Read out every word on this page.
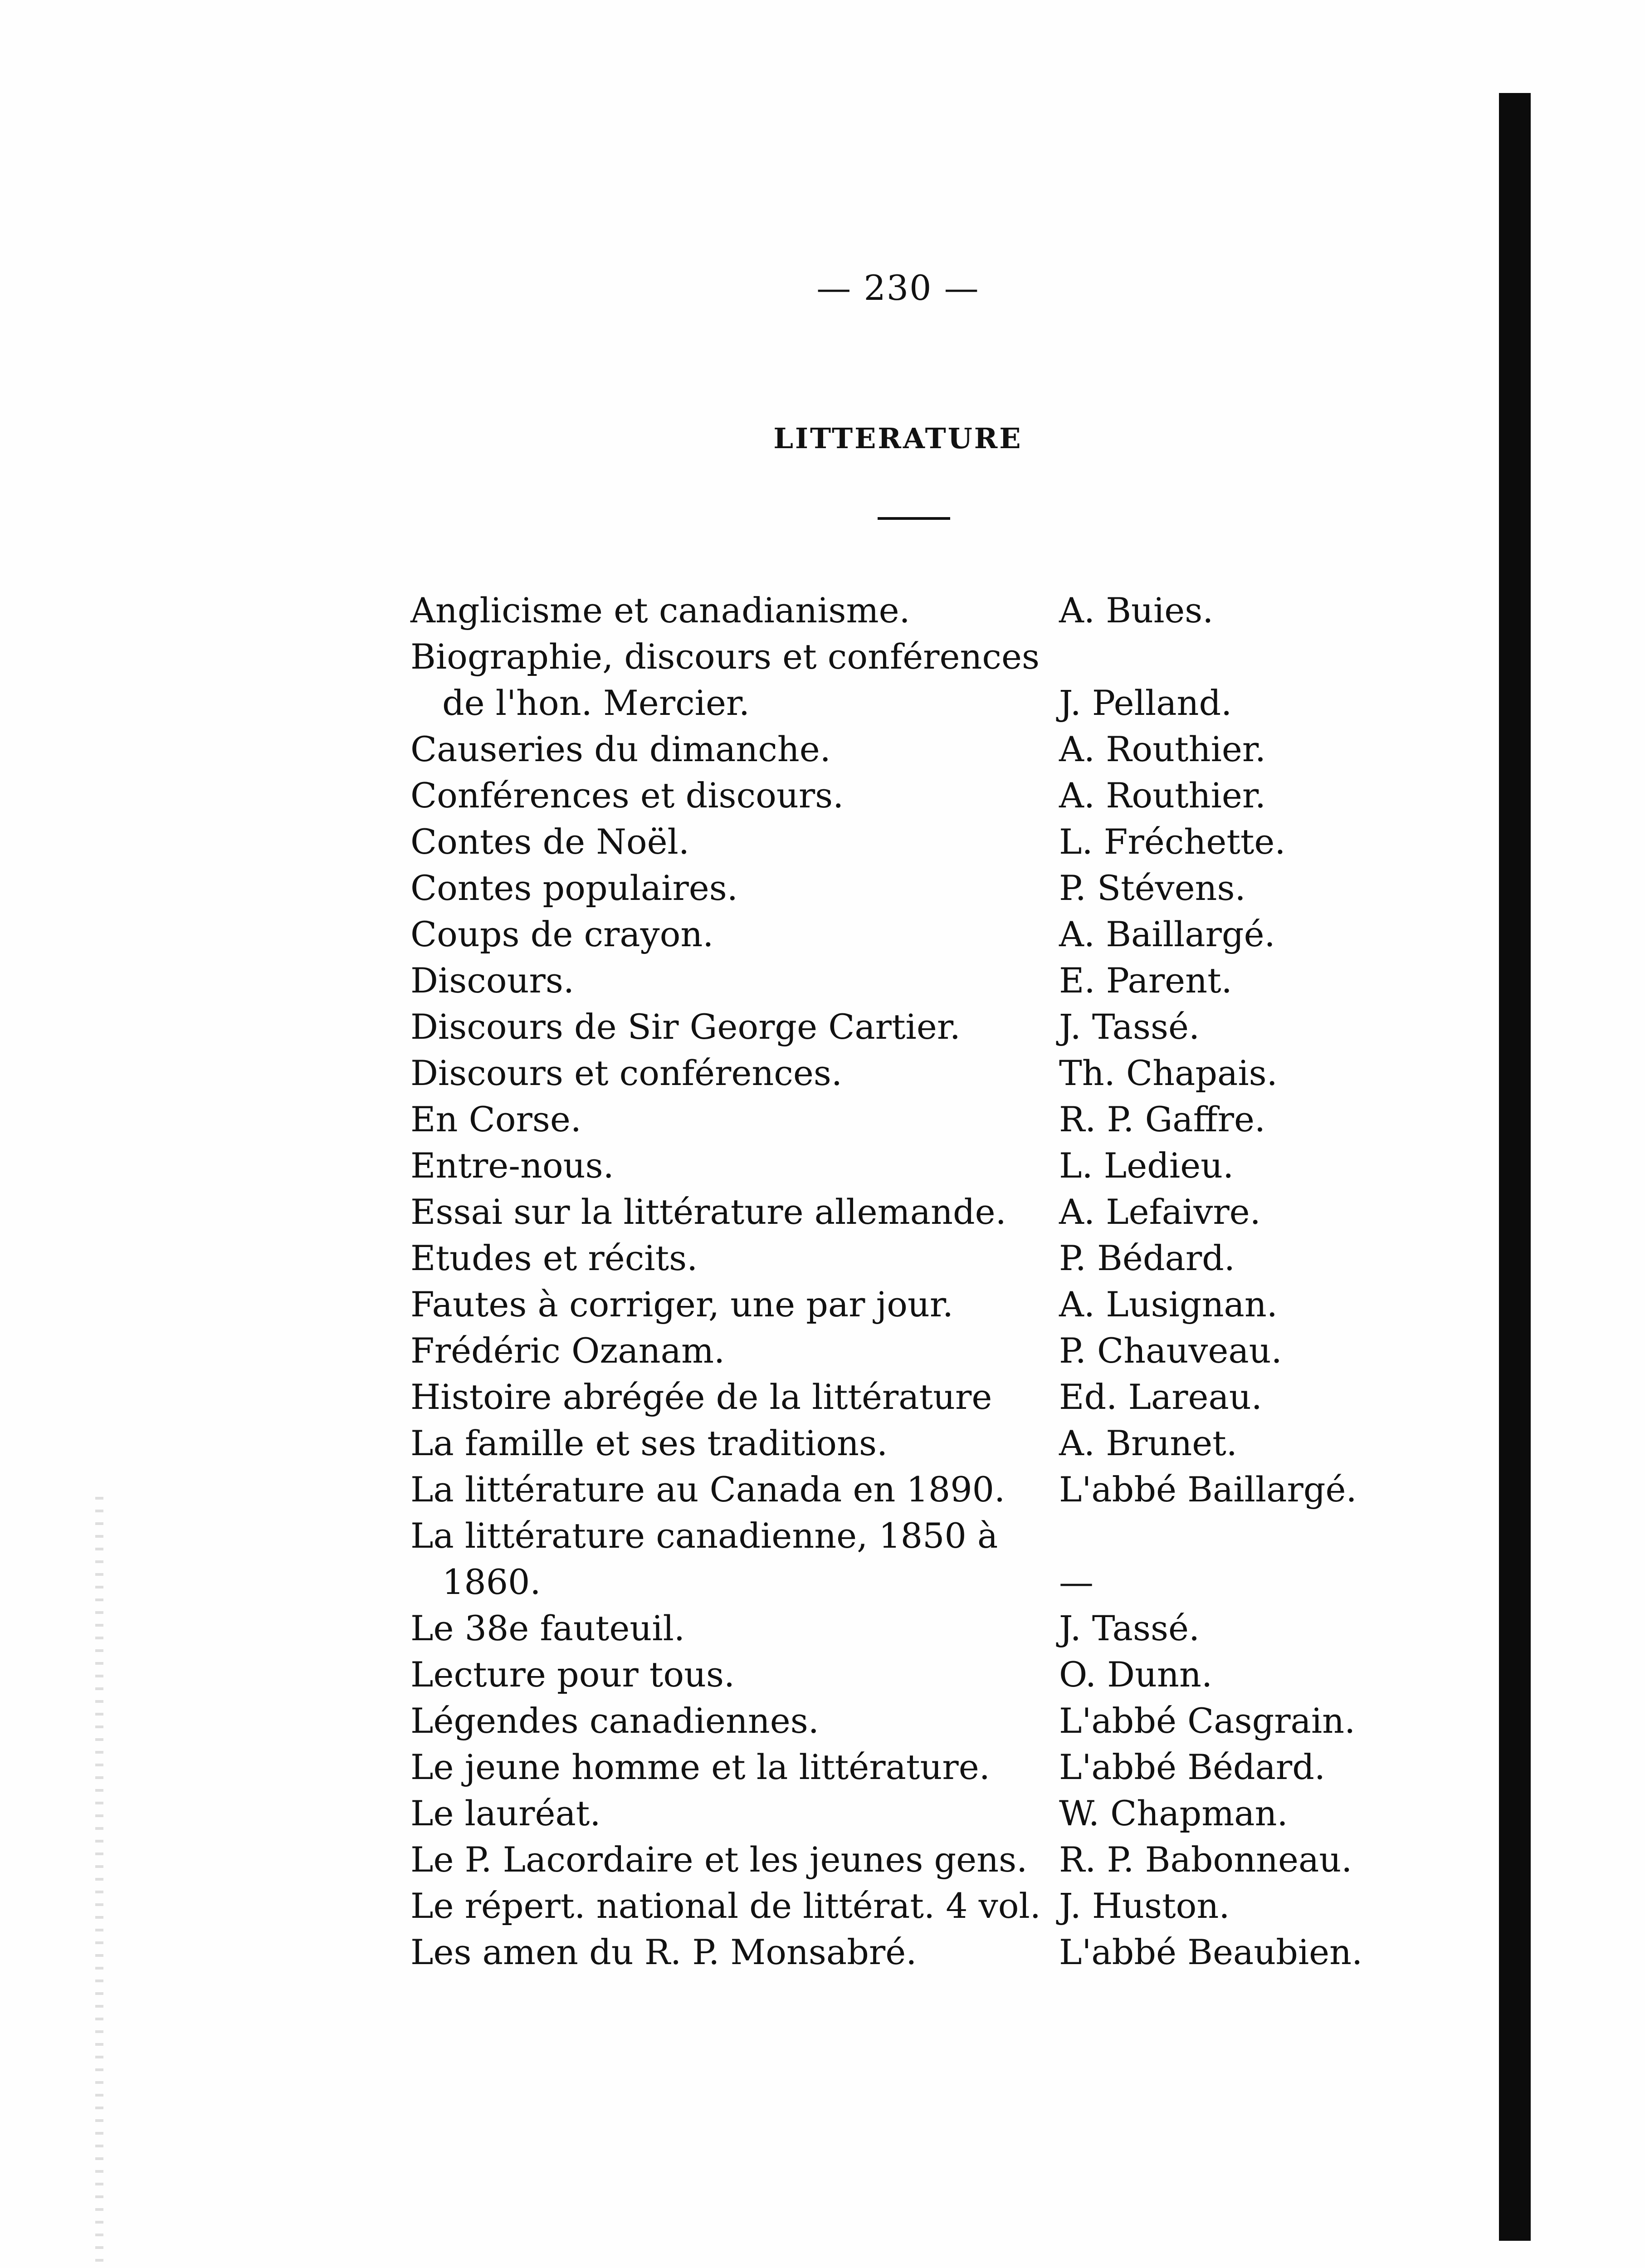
— 230 —
LITTERATURE
Anglicisme et canadianisme.	A. Buies.
Biographie, discours et conférences
de l'hon. Mercier.
	J. Pelland.
Causeries du dimanche.	A. Routhier.
Conférences et discours.	A. Routhier.
Contes de Noël.	L. Fréchette.
Contes populaires.	P. Stévens.
Coups de crayon.	A. Baillargé.
Discours.	E. Parent.
Discours de Sir George Cartier.	J. Tassé.
Discours et conférences.	Th. Chapais.
En Corse.	R. P. Gaffre.
Entre-nous.	L. Ledieu.
Essai sur la littérature allemande.	A. Lefaivre.
Etudes et récits.	P. Bédard.
Fautes à corriger, une par jour.	A. Lusignan.
Frédéric Ozanam.	P. Chauveau.
Histoire abrégée de la littérature	Ed. Lareau.
La famille et ses traditions.	A. Brunet.
La littérature au Canada en 1890.	L'abbé Baillargé.
La littérature canadienne, 1850 à
1860.
	—
Le 38e fauteuil.	J. Tassé.
Lecture pour tous.	O. Dunn.
Légendes canadiennes.	L'abbé Casgrain.
Le jeune homme et la littérature.	L'abbé Bédard.
Le lauréat.	W. Chapman.
Le P. Lacordaire et les jeunes gens. R. P. Babonneau.
Le répert. national de littérat. 4 vol. J. Huston.
Les amen du R. P. Monsabré.	L'abbé Beaubien.
